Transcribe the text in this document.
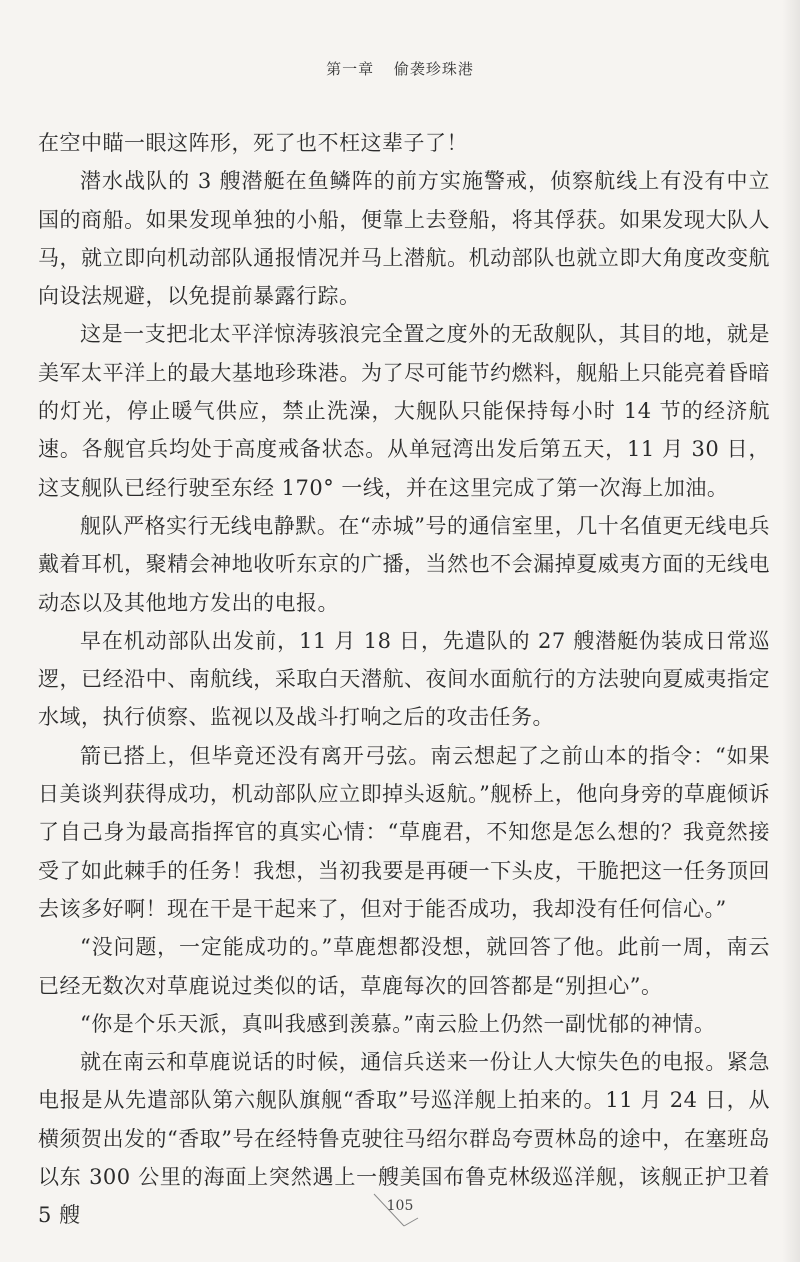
第一章 偷袭珍珠港

在空中瞄一眼这阵形，死了也不枉这辈子了！

潜水战队的 3 艘潜艇在鱼鳞阵的前方实施警戒，侦察航线上有没有中立国的商船。如果发现单独的小船，便靠上去登船，将其俘获。如果发现大队人马，就立即向机动部队通报情况并马上潜航。机动部队也就立即大角度改变航向设法规避，以免提前暴露行踪。

这是一支把北太平洋惊涛骇浪完全置之度外的无敌舰队，其目的地，就是美军太平洋上的最大基地珍珠港。为了尽可能节约燃料，舰船上只能亮着昏暗的灯光，停止暖气供应，禁止洗澡，大舰队只能保持每小时 14 节的经济航速。各舰官兵均处于高度戒备状态。从单冠湾出发后第五天，11 月 30 日，这支舰队已经行驶至东经 170° 一线，并在这里完成了第一次海上加油。

舰队严格实行无线电静默。在“赤城”号的通信室里，几十名值更无线电兵戴着耳机，聚精会神地收听东京的广播，当然也不会漏掉夏威夷方面的无线电动态以及其他地方发出的电报。

早在机动部队出发前，11 月 18 日，先遣队的 27 艘潜艇伪装成日常巡逻，已经沿中、南航线，采取白天潜航、夜间水面航行的方法驶向夏威夷指定水域，执行侦察、监视以及战斗打响之后的攻击任务。

箭已搭上，但毕竟还没有离开弓弦。南云想起了之前山本的指令：“如果日美谈判获得成功，机动部队应立即掉头返航。”舰桥上，他向身旁的草鹿倾诉了自己身为最高指挥官的真实心情：“草鹿君，不知您是怎么想的？我竟然接受了如此棘手的任务！我想，当初我要是再硬一下头皮，干脆把这一任务顶回去该多好啊！现在干是干起来了，但对于能否成功，我却没有任何信心。”

“没问题，一定能成功的。”草鹿想都没想，就回答了他。此前一周，南云已经无数次对草鹿说过类似的话，草鹿每次的回答都是“别担心”。

“你是个乐天派，真叫我感到羡慕。”南云脸上仍然一副忧郁的神情。

就在南云和草鹿说话的时候，通信兵送来一份让人大惊失色的电报。紧急电报是从先遣部队第六舰队旗舰“香取”号巡洋舰上拍来的。11 月 24 日，从横须贺出发的“香取”号在经特鲁克驶往马绍尔群岛夸贾林岛的途中，在塞班岛以东 300 公里的海面上突然遇上一艘美国布鲁克林级巡洋舰，该舰正护卫着 5 艘	105
